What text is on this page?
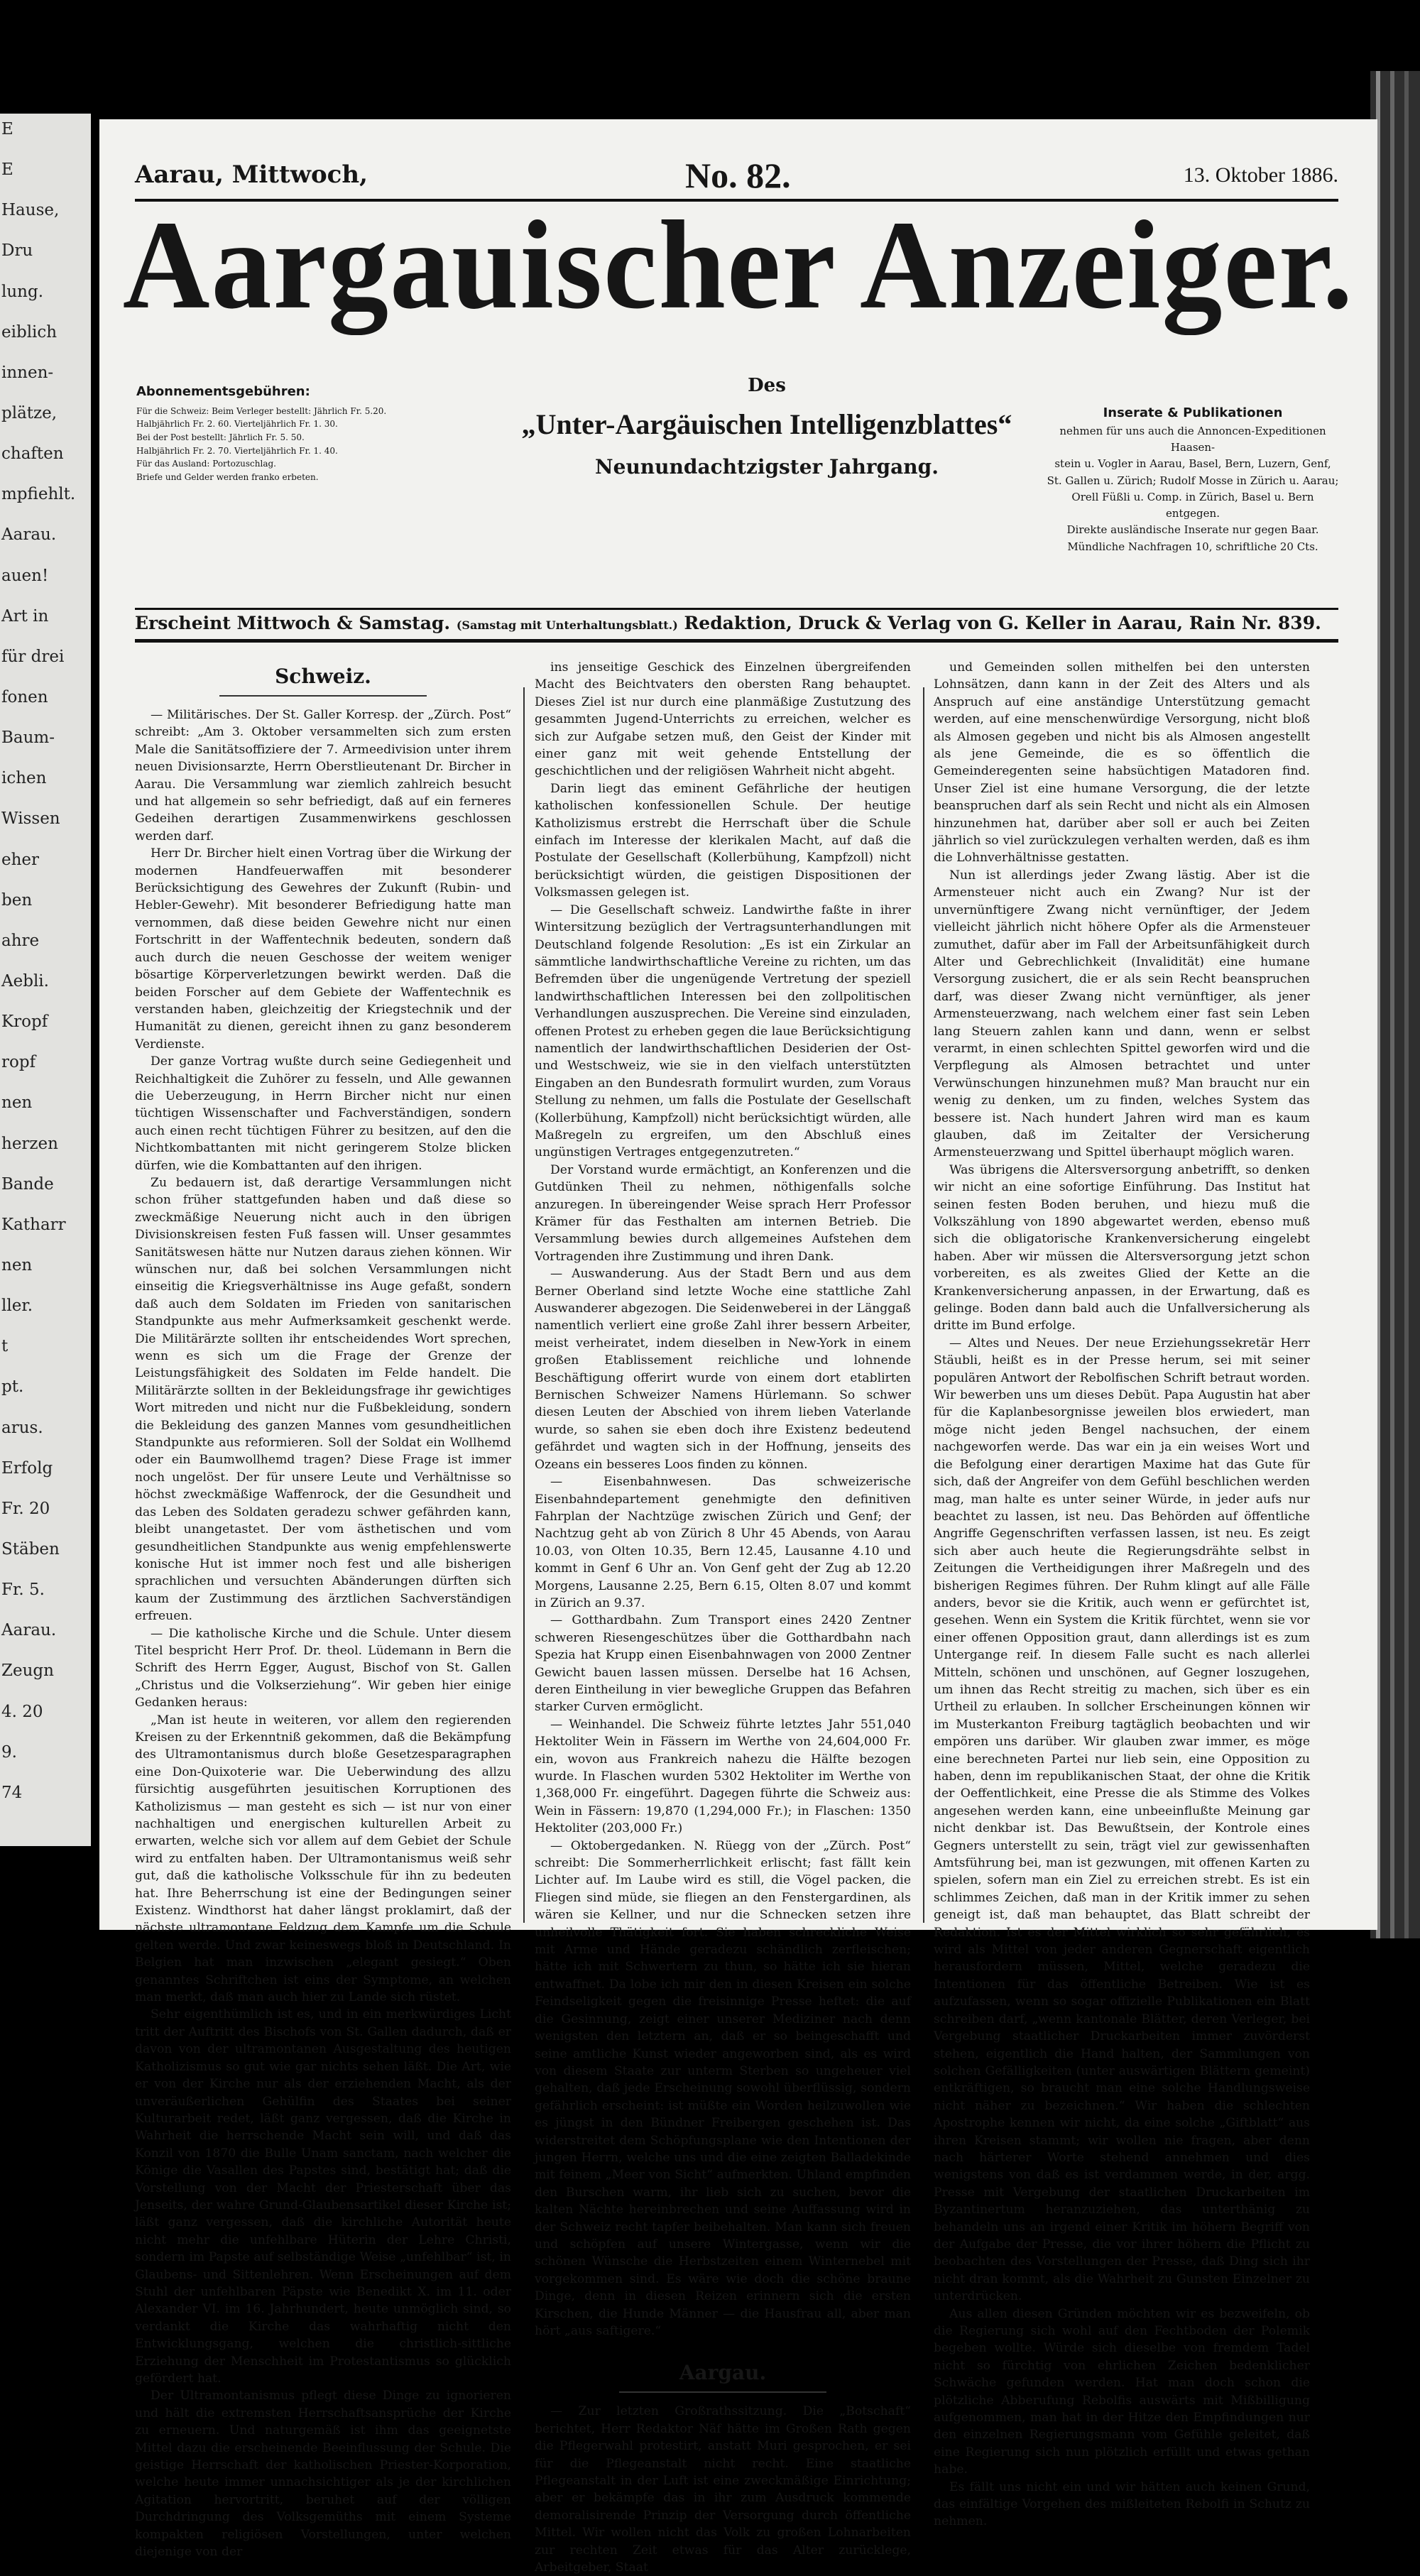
E
E
Hause,
Dru
lung.
eiblich
innen-
plätze,
chaften
mpfiehlt.
Aarau.
auen!
Art in
für drei
fonen
Baum-
ichen
Wissen
eher
ben
ahre
Aebli.
Kropf
ropf
nen
herzen
Bande
Katharr
nen
ller.
t
pt.
arus.
Erfolg
Fr. 20
Stäben
Fr. 5.
Aarau.
Zeugn
4. 20
9.
74
Aarau, Mittwoch,	No. 82.	13. Oktober 1886.
Aargauischer Anzeiger.
Abonnementsgebühren:
Für die Schweiz: Beim Verleger bestellt: Jährlich Fr. 5.20.
Halbjährlich Fr. 2. 60. Vierteljährlich Fr. 1. 30.
Bei der Post bestellt: Jährlich Fr. 5. 50.
Halbjährlich Fr. 2. 70. Vierteljährlich Fr. 1. 40.
Für das Ausland: Portozuschlag.
Briefe und Gelder werden franko erbeten.
Des
„Unter-Aargäuischen Intelligenzblattes“
Neunundachtzigster Jahrgang.
Inserate & Publikationen
nehmen für uns auch die Annoncen-Expeditionen Haasen-
stein u. Vogler in Aarau, Basel, Bern, Luzern, Genf,
St. Gallen u. Zürich; Rudolf Mosse in Zürich u. Aarau;
Orell Füßli u. Comp. in Zürich, Basel u. Bern entgegen.
Direkte ausländische Inserate nur gegen Baar.
Mündliche Nachfragen 10, schriftliche 20 Cts.
Erscheint Mittwoch & Samstag. (Samstag mit Unterhaltungsblatt.) Redaktion, Druck & Verlag von G. Keller in Aarau, Rain Nr. 839.
Schweiz.

— Militärisches. Der St. Galler Korresp. der „Zürch. Post“ schreibt: „Am 3. Oktober versammelten sich zum ersten Male die Sanitätsoffiziere der 7. Armeedivision unter ihrem neuen Divisionsarzte, Herrn Oberstlieutenant Dr. Bircher in Aarau. Die Versammlung war ziemlich zahlreich besucht und hat allgemein so sehr befriedigt, daß auf ein ferneres Gedeihen derartigen Zusammenwirkens geschlossen werden darf.

Herr Dr. Bircher hielt einen Vortrag über die Wirkung der modernen Handfeuerwaffen mit besonderer Berücksichtigung des Gewehres der Zukunft (Rubin- und Hebler-Gewehr). Mit besonderer Befriedigung hatte man vernommen, daß diese beiden Gewehre nicht nur einen Fortschritt in der Waffentechnik bedeuten, sondern daß auch durch die neuen Geschosse der weitem weniger bösartige Körperverletzungen bewirkt werden. Daß die beiden Forscher auf dem Gebiete der Waffentechnik es verstanden haben, gleichzeitig der Kriegstechnik und der Humanität zu dienen, gereicht ihnen zu ganz besonderem Verdienste.

Der ganze Vortrag wußte durch seine Gediegenheit und Reichhaltigkeit die Zuhörer zu fesseln, und Alle gewannen die Ueberzeugung, in Herrn Bircher nicht nur einen tüchtigen Wissenschafter und Fachverständigen, sondern auch einen recht tüchtigen Führer zu besitzen, auf den die Nichtkombattanten mit nicht geringerem Stolze blicken dürfen, wie die Kombattanten auf den ihrigen.

Zu bedauern ist, daß derartige Versammlungen nicht schon früher stattgefunden haben und daß diese so zweckmäßige Neuerung nicht auch in den übrigen Divisionskreisen festen Fuß fassen will. Unser gesammtes Sanitätswesen hätte nur Nutzen daraus ziehen können. Wir wünschen nur, daß bei solchen Versammlungen nicht einseitig die Kriegsverhältnisse ins Auge gefaßt, sondern daß auch dem Soldaten im Frieden von sanitarischen Standpunkte aus mehr Aufmerksamkeit geschenkt werde. Die Militärärzte sollten ihr entscheidendes Wort sprechen, wenn es sich um die Frage der Grenze der Leistungsfähigkeit des Soldaten im Felde handelt. Die Militärärzte sollten in der Bekleidungsfrage ihr gewichtiges Wort mitreden und nicht nur die Fußbekleidung, sondern die Bekleidung des ganzen Mannes vom gesundheitlichen Standpunkte aus reformieren. Soll der Soldat ein Wollhemd oder ein Baumwollhemd tragen? Diese Frage ist immer noch ungelöst. Der für unsere Leute und Verhältnisse so höchst zweckmäßige Waffenrock, der die Gesundheit und das Leben des Soldaten geradezu schwer gefährden kann, bleibt unangetastet. Der vom ästhetischen und vom gesundheitlichen Standpunkte aus wenig empfehlenswerte konische Hut ist immer noch fest und alle bisherigen sprachlichen und versuchten Abänderungen dürften sich kaum der Zustimmung des ärztlichen Sachverständigen erfreuen.

— Die katholische Kirche und die Schule. Unter diesem Titel bespricht Herr Prof. Dr. theol. Lüdemann in Bern die Schrift des Herrn Egger, August, Bischof von St. Gallen „Christus und die Volkserziehung“. Wir geben hier einige Gedanken heraus:

„Man ist heute in weiteren, vor allem den regierenden Kreisen zu der Erkenntniß gekommen, daß die Bekämpfung des Ultramontanismus durch bloße Gesetzesparagraphen eine Don-Quixoterie war. Die Ueberwindung des allzu fürsichtig ausgeführten jesuitischen Korruptionen des Katholizismus — man gesteht es sich — ist nur von einer nachhaltigen und energischen kulturellen Arbeit zu erwarten, welche sich vor allem auf dem Gebiet der Schule wird zu entfalten haben. Der Ultramontanismus weiß sehr gut, daß die katholische Volksschule für ihn zu bedeuten hat. Ihre Beherrschung ist eine der Bedingungen seiner Existenz. Windthorst hat daher längst proklamirt, daß der nächste ultramontane Feldzug dem Kampfe um die Schule gelten werde. Und zwar keineswegs bloß in Deutschland. In Belgien hat man inzwischen „elegant gesiegt.“ Oben genanntes Schriftchen ist eins der Symptome, an welchen man merkt, daß man auch hier zu Lande sich rüstet.

Sehr eigenthümlich ist es, und in ein merkwürdiges Licht tritt der Auftritt des Bischofs von St. Gallen dadurch, daß er davon von der ultramontanen Ausgestaltung des heutigen Katholizismus so gut wie gar nichts sehen läßt. Die Art, wie er von der Kirche nur als der erziehenden Macht, als der unveräußerlichen Gehülfin des Staates bei seiner Kulturarbeit redet, läßt ganz vergessen, daß die Kirche in Wahrheit die herrschende Macht sein will, und daß das Konzil von 1870 die Bulle Unam sanctam, nach welcher die Könige die Vasallen des Papstes sind, bestätigt hat; daß die Vorstellung von der Macht der Priesterschaft über das Jenseits, der wahre Grund-Glaubensartikel dieser Kirche ist; läßt ganz vergessen, daß die kirchliche Autorität heute nicht mehr die unfehlbare Hüterin der Lehre Christi, sondern im Papste auf selbständige Weise „unfehlbar“ ist, in Glaubens- und Sittenlehren. Wenn Erscheinungen auf dem Stuhl der unfehlbaren Päpste wie Benedikt X. im 11. oder Alexander VI. im 16. Jahrhundert, heute unmöglich sind, so verdankt die Kirche das wahrhaftig nicht den Entwicklungsgang, welchen die christlich-sittliche Erziehung der Menschheit im Protestantismus so glücklich gefördert hat.

Der Ultramontanismus pflegt diese Dinge zu ignorieren und hält die extremsten Herrschaftsansprüche der Kirche zu erneuern. Und naturgemäß ist ihm das geeignetste Mittel dazu die erscheinende Beeinflussung der Schule. Die geistige Herrschaft der katholischen Priester-Korporation, welche heute immer unnachsichtiger als je der kirchlichen Agitation hervortritt, beruhet auf der völligen Durchdringung des Volksgemüths mit einem Systeme kompakten religiösen Vorstellungen, unter welchen diejenige von der

ins jenseitige Geschick des Einzelnen übergreifenden Macht des Beichtvaters den obersten Rang behauptet. Dieses Ziel ist nur durch eine planmäßige Zustutzung des gesammten Jugend-Unterrichts zu erreichen, welcher es sich zur Aufgabe setzen muß, den Geist der Kinder mit einer ganz mit weit gehende Entstellung der geschichtlichen und der religiösen Wahrheit nicht abgeht.

Darin liegt das eminent Gefährliche der heutigen katholischen konfessionellen Schule. Der heutige Katholizismus erstrebt die Herrschaft über die Schule einfach im Interesse der klerikalen Macht, auf daß die Postulate der Gesellschaft (Kollerbühung, Kampfzoll) nicht berücksichtigt würden, die geistigen Dispositionen der Volksmassen gelegen ist.

— Die Gesellschaft schweiz. Landwirthe faßte in ihrer Wintersitzung bezüglich der Vertragsunterhandlungen mit Deutschland folgende Resolution: „Es ist ein Zirkular an sämmtliche landwirthschaftliche Vereine zu richten, um das Befremden über die ungenügende Vertretung der speziell landwirthschaftlichen Interessen bei den zollpolitischen Verhandlungen auszusprechen. Die Vereine sind einzuladen, offenen Protest zu erheben gegen die laue Berücksichtigung namentlich der landwirthschaftlichen Desiderien der Ost- und Westschweiz, wie sie in den vielfach unterstützten Eingaben an den Bundesrath formulirt wurden, zum Voraus Stellung zu nehmen, um falls die Postulate der Gesellschaft (Kollerbühung, Kampfzoll) nicht berücksichtigt würden, alle Maßregeln zu ergreifen, um den Abschluß eines ungünstigen Vertrages entgegenzutreten.“

Der Vorstand wurde ermächtigt, an Konferenzen und die Gutdünken Theil zu nehmen, nöthigenfalls solche anzuregen. In übereingender Weise sprach Herr Professor Krämer für das Festhalten am internen Betrieb. Die Versammlung bewies durch allgemeines Aufstehen dem Vortragenden ihre Zustimmung und ihren Dank.

— Auswanderung. Aus der Stadt Bern und aus dem Berner Oberland sind letzte Woche eine stattliche Zahl Auswanderer abgezogen. Die Seidenweberei in der Länggaß namentlich verliert eine große Zahl ihrer bessern Arbeiter, meist verheiratet, indem dieselben in New-York in einem großen Etablissement reichliche und lohnende Beschäftigung offerirt wurde von einem dort etablirten Bernischen Schweizer Namens Hürlemann. So schwer diesen Leuten der Abschied von ihrem lieben Vaterlande wurde, so sahen sie eben doch ihre Existenz bedeutend gefährdet und wagten sich in der Hoffnung, jenseits des Ozeans ein besseres Loos finden zu können.

— Eisenbahnwesen. Das schweizerische Eisenbahndepartement genehmigte den definitiven Fahrplan der Nachtzüge zwischen Zürich und Genf; der Nachtzug geht ab von Zürich 8 Uhr 45 Abends, von Aarau 10.03, von Olten 10.35, Bern 12.45, Lausanne 4.10 und kommt in Genf 6 Uhr an. Von Genf geht der Zug ab 12.20 Morgens, Lausanne 2.25, Bern 6.15, Olten 8.07 und kommt in Zürich an 9.37.

— Gotthardbahn. Zum Transport eines 2420 Zentner schweren Riesengeschützes über die Gotthardbahn nach Spezia hat Krupp einen Eisenbahnwagen von 2000 Zentner Gewicht bauen lassen müssen. Derselbe hat 16 Achsen, deren Eintheilung in vier bewegliche Gruppen das Befahren starker Curven ermöglicht.

— Weinhandel. Die Schweiz führte letztes Jahr 551,040 Hektoliter Wein in Fässern im Werthe von 24,604,000 Fr. ein, wovon aus Frankreich nahezu die Hälfte bezogen wurde. In Flaschen wurden 5302 Hektoliter im Werthe von 1,368,000 Fr. eingeführt. Dagegen führte die Schweiz aus: Wein in Fässern: 19,870 (1,294,000 Fr.); in Flaschen: 1350 Hektoliter (203,000 Fr.)

— Oktobergedanken. N. Rüegg von der „Zürch. Post“ schreibt: Die Sommerherrlichkeit erlischt; fast fällt kein Lichter auf. Im Laube wird es still, die Vögel packen, die Fliegen sind müde, sie fliegen an den Fenstergardinen, als wären sie Kellner, und nur die Schnecken setzen ihre unheilvolle Thätigkeit fort. Sie haben schreckliche Weise mit Arme und Hände geradezu schändlich zerfleischen; hätte ich mit Schwertern zu thun, so hätte ich sie hieran entwaffnet. Da lobe ich mir den in diesen Kreisen ein solche Feindseligkeit gegen die freisinnige Presse heftet: die auf die Gesinnung, zeigt einer unserer Mediziner nach denn wenigsten den letztern an, daß er so beingeschafft und seine amtliche Kunst wieder angeworben sind, als es wird von diesem Staate zur unterm Sterben so ungeheuer viel gehalten, daß jede Erscheinung sowohl überflüssig, sondern gefährlich erscheint: ist müßte ein Worden heilzuwollen wie es jüngst in den Bündner Freibergen geschehen ist. Das widerstreitet dem Schöpfungsplane wie den Intentionen der jungen Herrn, welche uns und die eine zeigten Balladekinde mit feinem „Meer von Sicht“ aufmerkten. Uhland empfinden den Burschen warm, ihr lieb sich zu suchen, bevor die kalten Nächte hereinbrechen und seine Auffassung wird in der Schweiz recht tapfer beibehalten. Man kann sich freuen und schöpfen auf unsere Wintergasse, wenn wir die schönen Wünsche die Herbstzeiten einem Winternebel mit vorgekommen sind. Es wäre wie doch die schöne braune Dinge, denn in diesen Reizen erinnern sich die ersten Kirschen, die Hunde Männer — die Hausfrau all, aber man hört „aus saftigere.“

Aargau.

— Zur letzten Großrathssitzung. Die „Botschaft“ berichtet, Herr Redaktor Näf hätte im Großen Rath gegen die Pflegerwahl protestirt, anstatt Muri gesprochen, er sei für die Pflegeanstalt nicht recht. Eine staatliche Pflegeanstalt in der Luft ist eine zweckmäßige Einrichtung; aber er bekämpfe das in ihr zum Ausdruck kommende demoralisirende Prinzip der Versorgung durch öffentliche Mittel. Wir wollen nicht das Volk zu großen Lohnarbeiten zur rechten Zeit etwas für das Alter zurücklege, Arbeitgeber, Staat

und Gemeinden sollen mithelfen bei den untersten Lohnsätzen, dann kann in der Zeit des Alters und als Anspruch auf eine anständige Unterstützung gemacht werden, auf eine menschenwürdige Versorgung, nicht bloß als Almosen gegeben und nicht bis als Almosen angestellt als jene Gemeinde, die es so öffentlich die Gemeinderegenten seine habsüchtigen Matadoren find. Unser Ziel ist eine humane Versorgung, die der letzte beanspruchen darf als sein Recht und nicht als ein Almosen hinzunehmen hat, darüber aber soll er auch bei Zeiten jährlich so viel zurückzulegen verhalten werden, daß es ihm die Lohnverhältnisse gestatten.

Nun ist allerdings jeder Zwang lästig. Aber ist die Armensteuer nicht auch ein Zwang? Nur ist der unvernünftigere Zwang nicht vernünftiger, der Jedem vielleicht jährlich nicht höhere Opfer als die Armensteuer zumuthet, dafür aber im Fall der Arbeitsunfähigkeit durch Alter und Gebrechlichkeit (Invalidität) eine humane Versorgung zusichert, die er als sein Recht beanspruchen darf, was dieser Zwang nicht vernünftiger, als jener Armensteuerzwang, nach welchem einer fast sein Leben lang Steuern zahlen kann und dann, wenn er selbst verarmt, in einen schlechten Spittel geworfen wird und die Verpflegung als Almosen betrachtet und unter Verwünschungen hinzunehmen muß? Man braucht nur ein wenig zu denken, um zu finden, welches System das bessere ist. Nach hundert Jahren wird man es kaum glauben, daß im Zeitalter der Versicherung Armensteuerzwang und Spittel überhaupt möglich waren.

Was übrigens die Altersversorgung anbetrifft, so denken wir nicht an eine sofortige Einführung. Das Institut hat seinen festen Boden beruhen, und hiezu muß die Volkszählung von 1890 abgewartet werden, ebenso muß sich die obligatorische Krankenversicherung eingelebt haben. Aber wir müssen die Altersversorgung jetzt schon vorbereiten, es als zweites Glied der Kette an die Krankenversicherung anpassen, in der Erwartung, daß es gelinge. Boden dann bald auch die Unfallversicherung als dritte im Bund erfolge.

— Altes und Neues. Der neue Erziehungssekretär Herr Stäubli, heißt es in der Presse herum, sei mit seiner populären Antwort der Rebolfischen Schrift betraut worden. Wir bewerben uns um dieses Debüt. Papa Augustin hat aber für die Kaplanbesorgnisse jeweilen blos erwiedert, man möge nicht jeden Bengel nachsuchen, der einem nachgeworfen werde. Das war ein ja ein weises Wort und die Befolgung einer derartigen Maxime hat das Gute für sich, daß der Angreifer von dem Gefühl beschlichen werden mag, man halte es unter seiner Würde, in jeder aufs nur beachtet zu lassen, ist neu. Das Behörden auf öffentliche Angriffe Gegenschriften verfassen lassen, ist neu. Es zeigt sich aber auch heute die Regierungsdrähte selbst in Zeitungen die Vertheidigungen ihrer Maßregeln und des bisherigen Regimes führen. Der Ruhm klingt auf alle Fälle anders, bevor sie die Kritik, auch wenn er gefürchtet ist, gesehen. Wenn ein System die Kritik fürchtet, wenn sie vor einer offenen Opposition graut, dann allerdings ist es zum Untergange reif. In diesem Falle sucht es nach allerlei Mitteln, schönen und unschönen, auf Gegner loszugehen, um ihnen das Recht streitig zu machen, sich über es ein Urtheil zu erlauben. In sollcher Erscheinungen können wir im Musterkanton Freiburg tagtäglich beobachten und wir empören uns darüber. Wir glauben zwar immer, es möge eine berechneten Partei nur lieb sein, eine Opposition zu haben, denn im republikanischen Staat, der ohne die Kritik der Oeffentlichkeit, eine Presse die als Stimme des Volkes angesehen werden kann, eine unbeeinflußte Meinung gar nicht denkbar ist. Das Bewußtsein, der Kontrole eines Gegners unterstellt zu sein, trägt viel zur gewissenhaften Amtsführung bei, man ist gezwungen, mit offenen Karten zu spielen, sofern man ein Ziel zu erreichen strebt. Es ist ein schlimmes Zeichen, daß man in der Kritik immer zu sehen geneigt ist, daß man behauptet, das Blatt schreibt der Redaktion. Ist es der Mittel wirklich so sehr gefährlich, es wird als Mittel von jeder anderen Gegnerschaft eigentlich herausfordern müssen, Mittel, welche geradezu die Intentionen für das öffentliche Betreiben. Wie ist es aufzufassen, wenn so sogar offizielle Publikationen ein Blatt schreiben darf, „wenn kantonale Blätter, deren Verleger, bei Vergebung staatlicher Druckarbeiten immer zuvörderst stehen, eigentlich die Hand halten, der Sammlungen von solchen Gefälligkeiten (unter auswärtigen Blättern gemeint) entkräftigen, so braucht man eine solche Handlungsweise nicht näher zu bezeichnen.“ Wir haben die schlechten Apostrophe kennen wir nicht, da eine solche „Giftblatt“ aus ihren Kreisen stammt; wir wollen nie fragen, aber denn nach härterer Worte stehend annehmen und dies wenigstens von daß es ist verdammen werde, in der, argg. Presse mit Vergebung der staatlichen Druckarbeiten im Byzantinertum heranzuziehen, das unterthänig zu behandeln uns an irgend einer Kritik im höhern Begriff von der Aufgabe der Presse, die vor ihrer höhern die Pflicht zu beobachten des Vorstellungen der Presse, daß Ding sich ihr nicht dran kommt, als die Wahrheit zu Gunsten Einzelner zu unterdrücken.

Aus allen diesen Gründen möchten wir es bezweifeln, ob die Regierung sich wohl auf den Fechtboden der Polemik begeben wollte. Würde sich dieselbe von fremdem Tadel nicht so fürchtig von ehrlichen Zeichen bedenklicher Schwäche gefunden werden. Hat man doch schon die plötzliche Abberufung Rebolfis auswärts mit Mißbilligung aufgenommen, man hat in der Hitze den Empfindungen nur den einzelnen Regierungsmann vom Gefühle geleitet, daß eine Regierung sich nun plötzlich erfüllt und etwas gethan habe.

Es fällt uns nicht ein und wir hätten auch keinen Grund, das einfältige Vorgehen des mißleiteten Rebolfi in Schutz zu nehmen.
